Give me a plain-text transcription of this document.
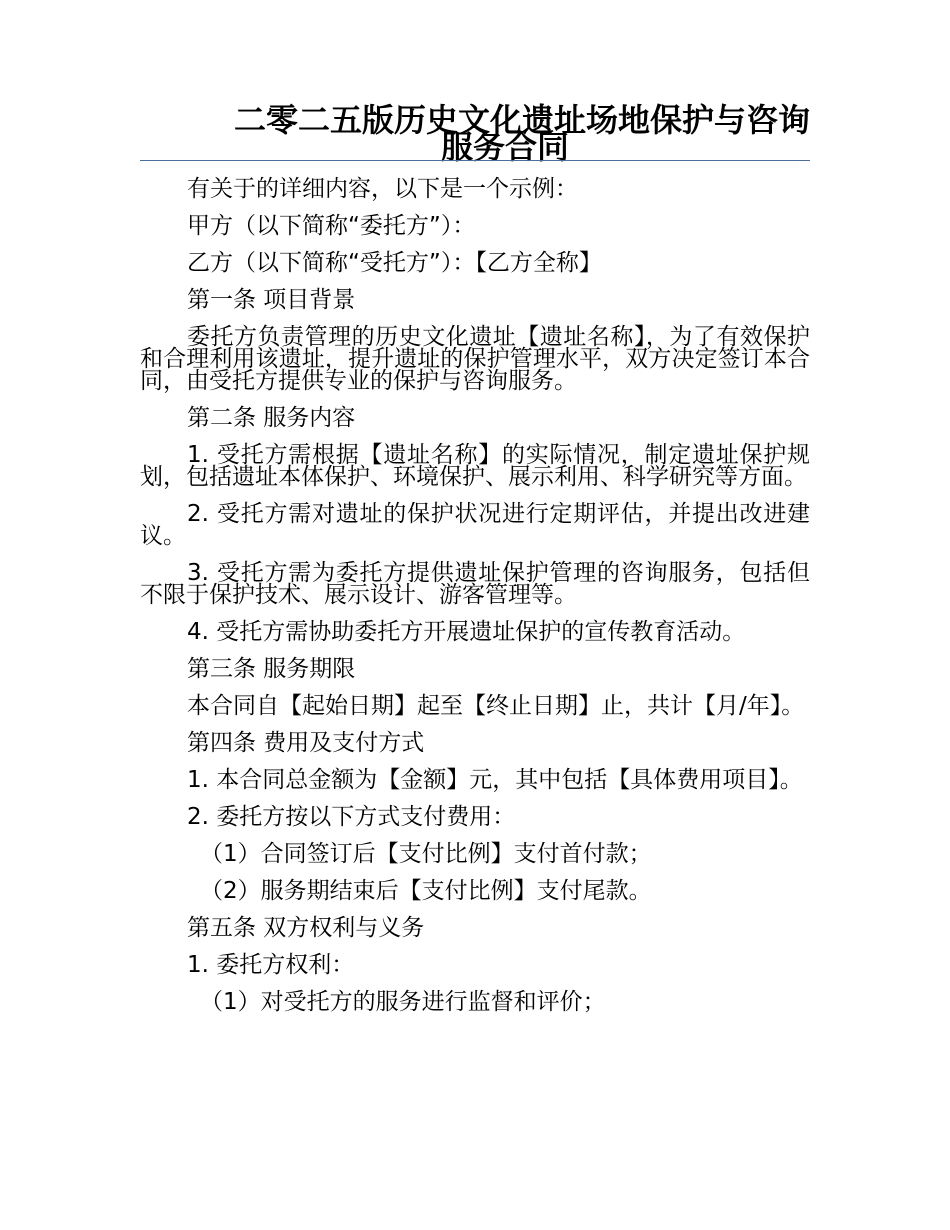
二零二五版历史文化遗址场地保护与咨询
服务合同
有关于的详细内容，以下是一个示例：
甲方（以下简称“委托方”）：
乙方（以下简称“受托方”）：【乙方全称】
第一条 项目背景
委托方负责管理的历史文化遗址【遗址名称】，为了有效保护和合理利用该遗址，提升遗址的保护管理水平，双方决定签订本合同，由受托方提供专业的保护与咨询服务。
第二条 服务内容
1. 受托方需根据【遗址名称】的实际情况，制定遗址保护规划，包括遗址本体保护、环境保护、展示利用、科学研究等方面。
2. 受托方需对遗址的保护状况进行定期评估，并提出改进建议。
3. 受托方需为委托方提供遗址保护管理的咨询服务，包括但不限于保护技术、展示设计、游客管理等。
4. 受托方需协助委托方开展遗址保护的宣传教育活动。
第三条 服务期限
本合同自【起始日期】起至【终止日期】止，共计【月/年】。
第四条 费用及支付方式
1. 本合同总金额为【金额】元，其中包括【具体费用项目】。
2. 委托方按以下方式支付费用：
（1）合同签订后【支付比例】支付首付款；
（2）服务期结束后【支付比例】支付尾款。
第五条 双方权利与义务
1. 委托方权利：
（1）对受托方的服务进行监督和评价；
